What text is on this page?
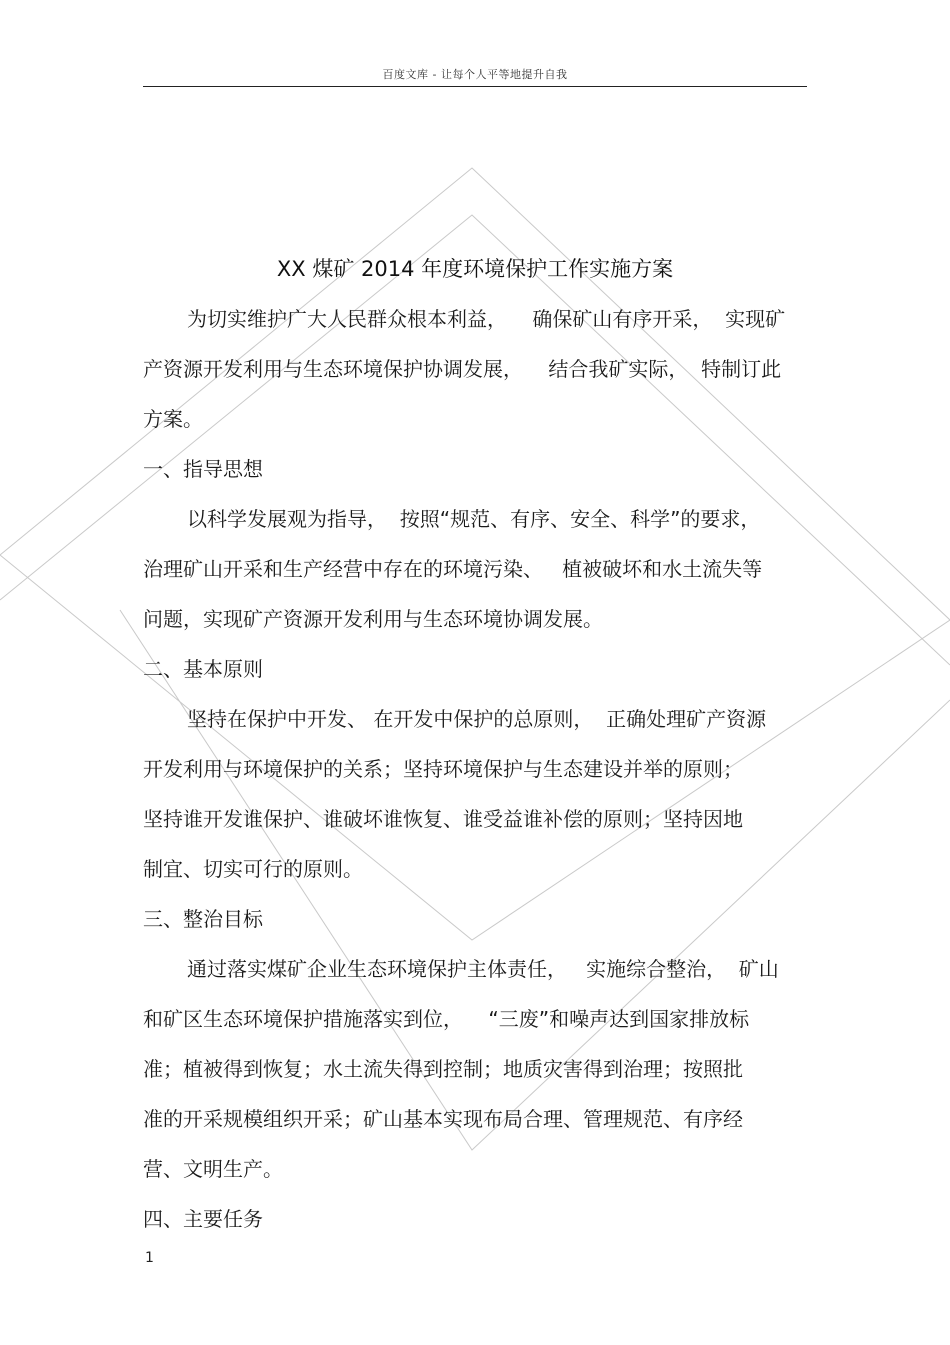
百度文库 - 让每个人平等地提升自我
XX 煤矿 2014 年度环境保护工作实施方案
为切实维护广大人民群众根本利益，    确保矿山有序开采，  实现矿
产资源开发利用与生态环境保护协调发展，    结合我矿实际，  特制订此
方案。
一、指导思想
以科学发展观为指导，  按照“规范、有序、安全、科学”的要求，
治理矿山开采和生产经营中存在的环境污染、   植被破坏和水土流失等
问题，实现矿产资源开发利用与生态环境协调发展。
二、基本原则
坚持在保护中开发、 在开发中保护的总原则，  正确处理矿产资源
开发利用与环境保护的关系；坚持环境保护与生态建设并举的原则；
坚持谁开发谁保护、谁破坏谁恢复、谁受益谁补偿的原则；坚持因地
制宜、切实可行的原则。
三、整治目标
通过落实煤矿企业生态环境保护主体责任，   实施综合整治，  矿山
和矿区生态环境保护措施落实到位，    “三废”和噪声达到国家排放标
准；植被得到恢复；水土流失得到控制；地质灾害得到治理；按照批
准的开采规模组织开采；矿山基本实现布局合理、管理规范、有序经
营、文明生产。
四、主要任务
1
